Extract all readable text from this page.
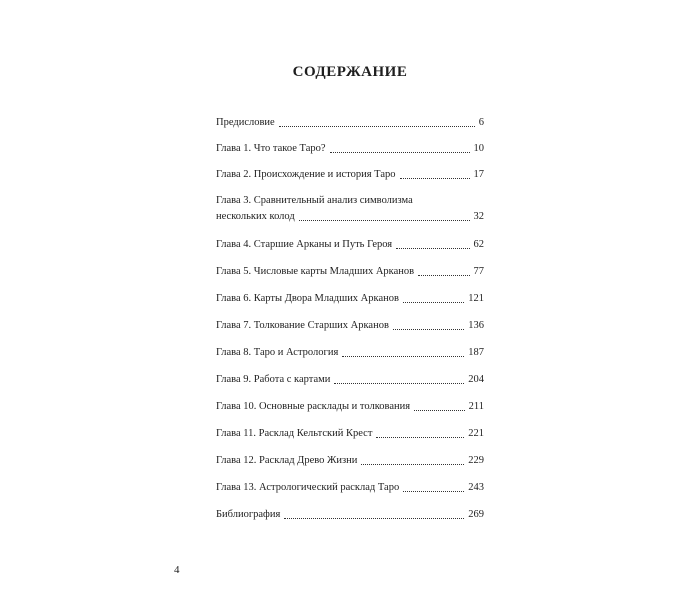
СОДЕРЖАНИЕ
Предисловие	6
Глава 1. Что такое Таро?	10
Глава 2. Происхождение и история Таро	17
Глава 3. Сравнительный анализ символизма
нескольких колод	32
Глава 4. Старшие Арканы и Путь Героя	62
Глава 5. Числовые карты Младших Арканов	77
Глава 6. Карты Двора Младших Арканов	121
Глава 7. Толкование Старших Арканов	136
Глава 8. Таро и Астрология	187
Глава 9. Работа с картами	204
Глава 10. Основные расклады и толкования	211
Глава 11. Расклад Кельтский Крест	221
Глава 12. Расклад Древо Жизни	229
Глава 13. Астрологический расклад Таро	243
Библиография	269
4
